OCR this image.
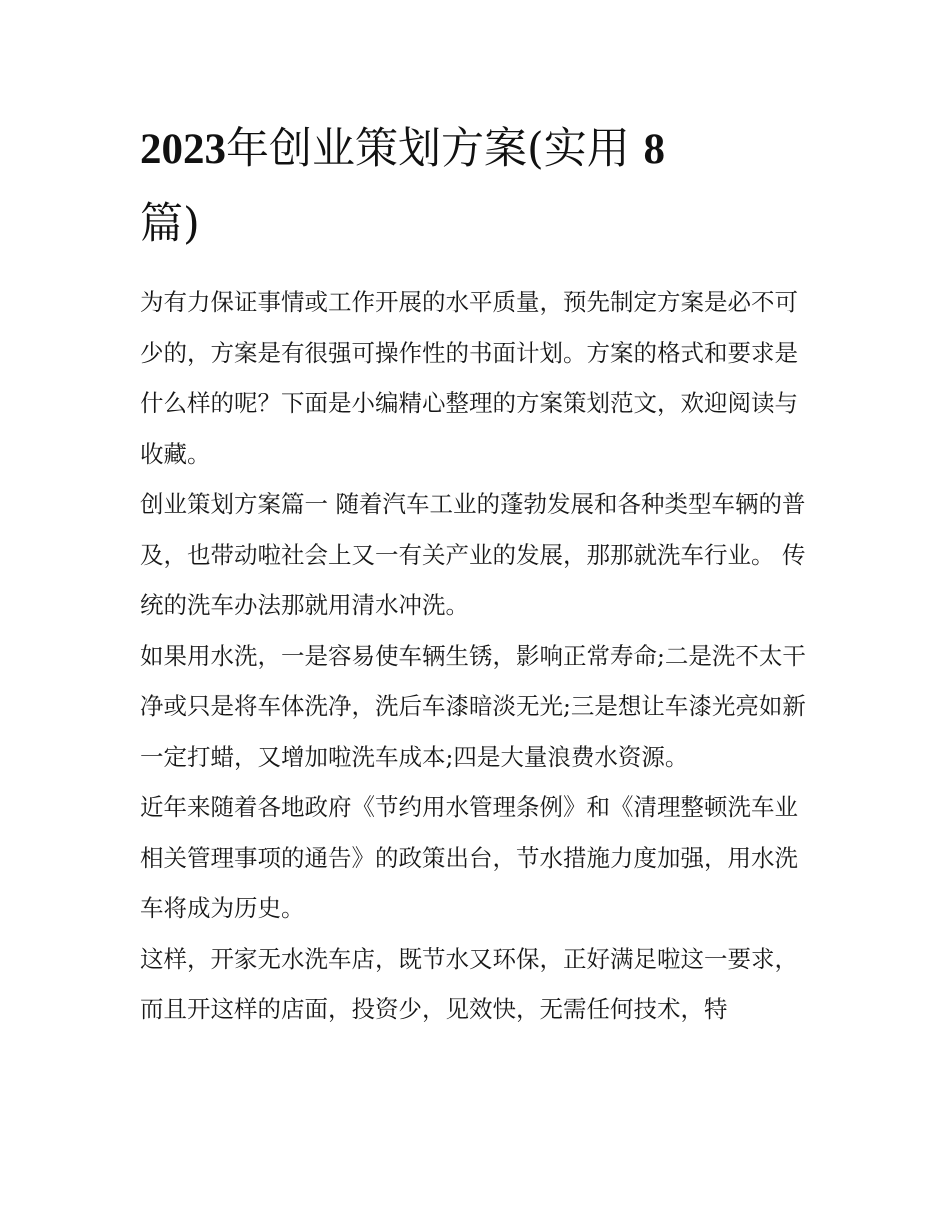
2023年创业策划方案(实用 8
篇)

为有力保证事情或工作开展的水平质量，预先制定方案是必不可少的，方案是有很强可操作性的书面计划。方案的格式和要求是什么样的呢？下面是小编精心整理的方案策划范文，欢迎阅读与收藏。

创业策划方案篇一 随着汽车工业的蓬勃发展和各种类型车辆的普及，也带动啦社会上又一有关产业的发展，那那就洗车行业。 传统的洗车办法那就用清水冲洗。

如果用水洗，一是容易使车辆生锈，影响正常寿命;二是洗不太干净或只是将车体洗净，洗后车漆暗淡无光;三是想让车漆光亮如新一定打蜡，又增加啦洗车成本;四是大量浪费水资源。

近年来随着各地政府《节约用水管理条例》和《清理整顿洗车业相关管理事项的通告》的政策出台，节水措施力度加强，用水洗车将成为历史。

这样，开家无水洗车店，既节水又环保，正好满足啦这一要求，而且开这样的店面，投资少，见效快，无需任何技术，特
